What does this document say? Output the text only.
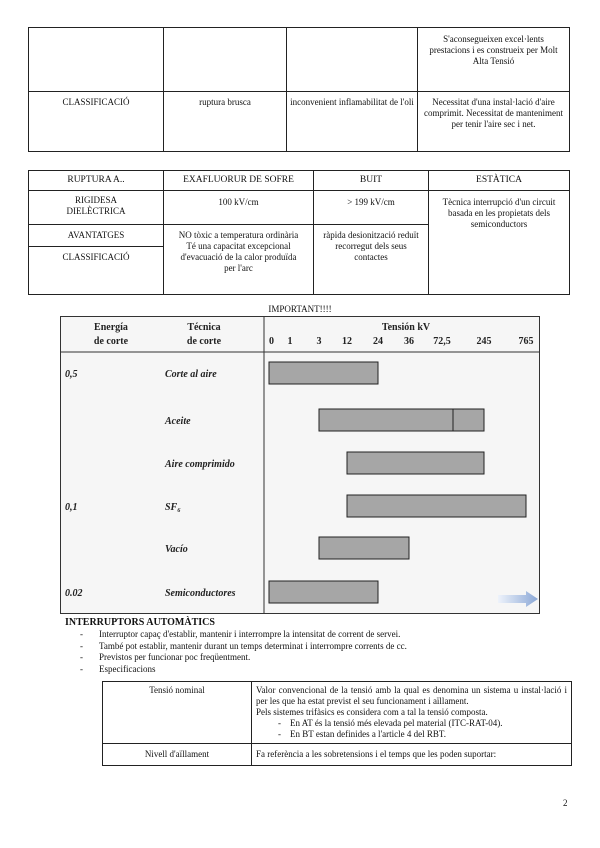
			S'aconsegueixen excel·lents prestacions i es construeix per Molt Alta Tensió
CLASSIFICACIÓ	ruptura brusca	inconvenient inflamabilitat de l'oli	Necessitat d'una instal·lació d'aire comprimit. Necessitat de manteniment per tenir l'aire sec i net.
RUPTURA A..	EXAFLUORUR DE SOFRE	BUIT	ESTÀTICA
RIGIDESA DIELÈCTRICA	100 kV/cm	> 199 kV/cm	Tècnica interrupció d'un circuit basada en les propietats dels semiconductors
AVANTATGES	NO tòxic a temperatura ordinària Té una capacitat excepcional d'evacuació de la calor produïda per l'arc	ràpida desionització reduït recorregut dels seus contactes	
CLASSIFICACIÓ			
IMPORTANT!!!!
Energía
de corte
Técnica
de corte
Tensión kV
0 1 3 12 24 36 72,5	245	765
0,5	Corte al aire
Aceite
Aire comprimido
0,1	SF₆
Vacío
0.02	Semiconductores
INTERRUPTORS AUTOMÀTICS
- Interruptor capaç d'establir, mantenir i interrompre la intensitat de corrent de servei.
- També pot establir, mantenir durant un temps determinat i interrompre corrents de cc.
- Previstos per funcionar poc freqüentment.
- Especificacions
Tensió nominal	Valor convencional de la tensió amb la qual es denomina un sistema u instal·lació i per les que ha estat previst el seu funcionament i aïllament.
Pels sistemes trifàsics es considera com a tal la tensió composta.
- En AT és la tensió més elevada pel material (ITC-RAT-04).
- En BT estan definides a l'article 4 del RBT.

Nivell d'aïllament	Fa referència a les sobretensions i el temps que les poden suportar:
2
